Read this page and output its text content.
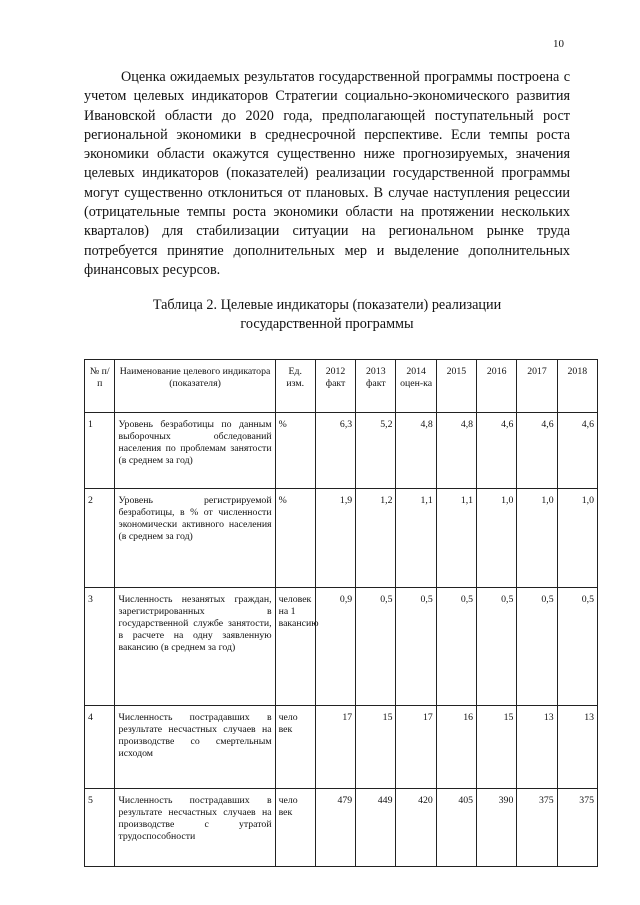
10

Оценка ожидаемых результатов государственной программы построена с учетом целевых индикаторов Стратегии социально-экономического развития Ивановской области до 2020 года, предполагающей поступательный рост региональной экономики в среднесрочной перспективе. Если темпы роста экономики области окажутся существенно ниже прогнозируемых, значения целевых индикаторов (показателей) реализации государственной программы могут существенно отклониться от плановых. В случае наступления рецессии (отрицательные темпы роста экономики области на протяжении нескольких кварталов) для стабилизации ситуации на региональном рынке труда потребуется принятие дополнительных мер и выделение дополнительных финансовых ресурсов.

Таблица 2. Целевые индикаторы (показатели) реализации
государственной программы
№ п/п	Наименование целевого индикатора (показателя)	Ед. изм.	2012 факт	2013 факт	2014 оцен-ка	2015	2016	2017	2018
1	Уровень безработицы по данным выборочных обследований населения по проблемам занятости (в среднем за год)	%	6,3	5,2	4,8	4,8	4,6	4,6	4,6
2	Уровень регистрируемой безработицы, в % от численности экономически активного населения (в среднем за год)	%	1,9	1,2	1,1	1,1	1,0	1,0	1,0
3	Численность незанятых граждан, зарегистрированных в государственной службе занятости, в расчете на одну заявленную вакансию (в среднем за год)	человек на 1 вакансию	0,9	0,5	0,5	0,5	0,5	0,5	0,5
4	Численность пострадавших в результате несчастных случаев на производстве со смертельным исходом	чело век	17	15	17	16	15	13	13
5	Численность пострадавших в результате несчастных случаев на производстве с утратой трудоспособности	чело век	479	449	420	405	390	375	375
